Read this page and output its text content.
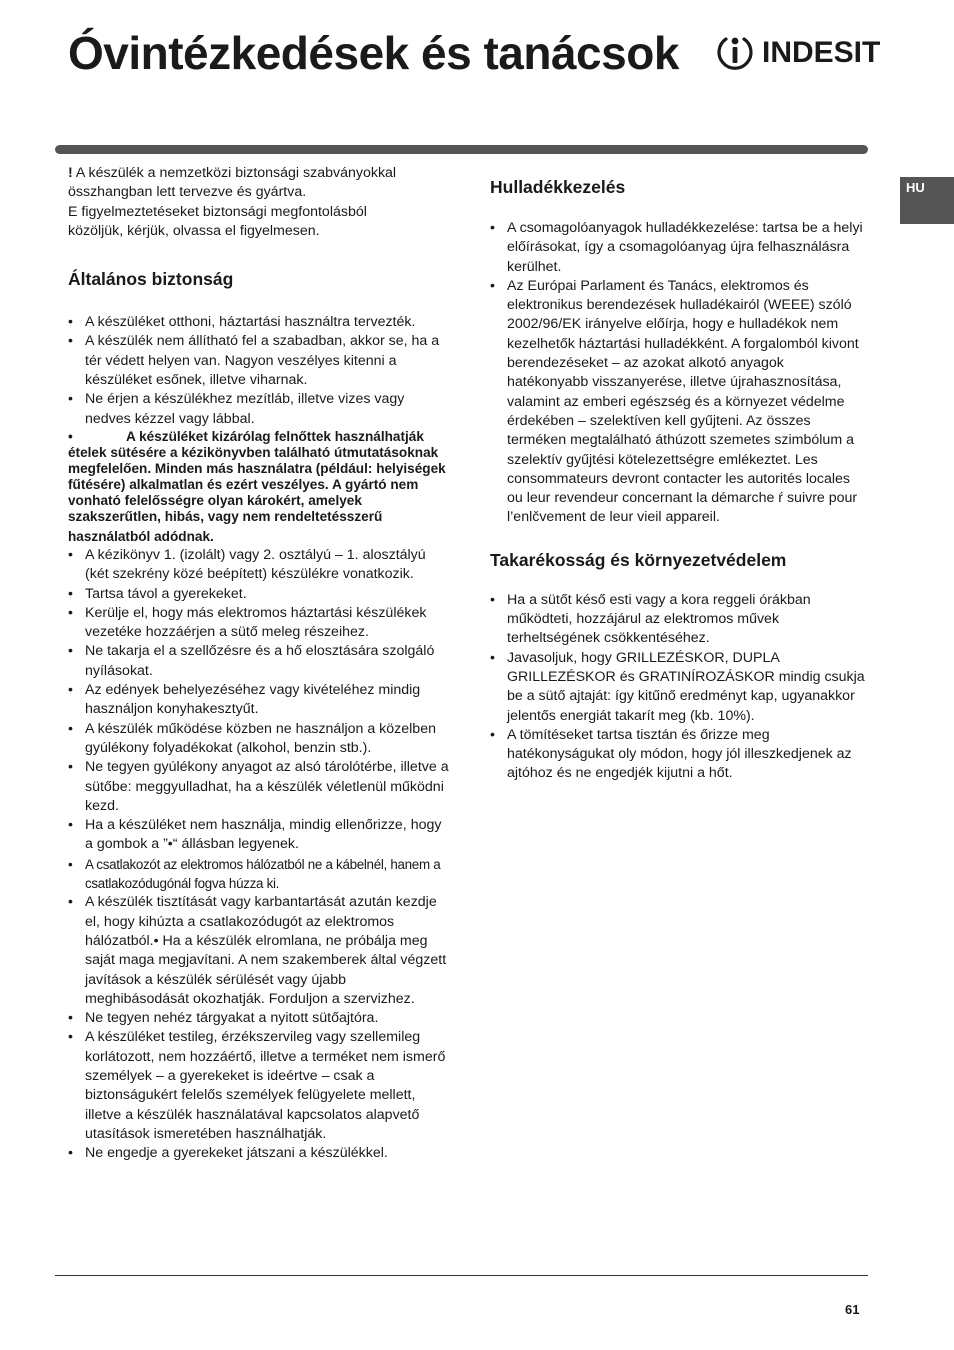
Óvintézkedések és tanácsok	INDESIT
HU

! A készülék a nemzetközi biztonsági szabványokkal

összhangban lett tervezve és gyártva.

E figyelmeztetéseket biztonsági megfontolásból

közöljük, kérjük, olvassa el figyelmesen.

Általános biztonság
• A készüléket otthoni, háztartási használtra tervezték.
• A készülék nem állítható fel a szabadban, akkor se, ha a tér védett helyen van. Nagyon veszélyes kitenni a készüléket esőnek, illetve viharnak.
• Ne érjen a készülékhez mezítláb, illetve vizes vagy nedves kézzel vagy lábbal.

•	A készüléket kizárólag felnőttek használhatják ételek sütésére a kézikönyvben található útmutatásoknak megfelelően. Minden más használatra (például: helyiségek fűtésére) alkalmatlan és ezért veszélyes. A gyártó nem vonható felelősségre olyan károkért, amelyek szakszerűtlen, hibás, vagy nem rendeltetésszerű

használatból adódnak.

• A kézikönyv 1. (izolált) vagy 2. osztályú – 1. alosztályú (két szekrény közé beépített) készülékre vonatkozik.
• Tartsa távol a gyerekeket.
• Kerülje el, hogy más elektromos háztartási készülékek vezetéke hozzáérjen a sütő meleg részeihez.
• Ne takarja el a szellőzésre és a hő elosztására szolgáló nyílásokat.
• Az edények behelyezéséhez vagy kivételéhez mindig használjon konyhakesztyűt.
• A készülék működése közben ne használjon a közelben gyúlékony folyadékokat (alkohol, benzin stb.).
• Ne tegyen gyúlékony anyagot az alsó tárolótérbe, illetve a sütőbe: meggyulladhat, ha a készülék véletlenül működni kezd.
• Ha a készüléket nem használja, mindig ellenőrizze, hogy a gombok a ”•“ állásban legyenek.
• A csatlakozót az elektromos hálózatból ne a kábelnél, hanem a csatlakozódugónál fogva húzza ki.
• A készülék tisztítását vagy karbantartását azután kezdje el, hogy kihúzta a csatlakozódugót az elektromos hálózatból.• Ha a készülék elromlana, ne próbálja meg saját maga megjavítani. A nem szakemberek által végzett javítások a készülék sérülését vagy újabb meghibásodását okozhatják. Forduljon a szervizhez.
• Ne tegyen nehéz tárgyakat a nyitott sütőajtóra.
• A készüléket testileg, érzékszervileg vagy szellemileg korlátozott, nem hozzáértő, illetve a terméket nem ismerő személyek – a gyerekeket is ideértve – csak a biztonságukért felelős személyek felügyelete mellett, illetve a készülék használatával kapcsolatos alapvető utasítások ismeretében használhatják.
• Ne engedje a gyerekeket játszani a készülékkel.
Hulladékkezelés
• A csomagolóanyagok hulladékkezelése: tartsa be a helyi előírásokat, így a csomagolóanyag újra felhasználásra kerülhet.
• Az Európai Parlament és Tanács, elektromos és elektronikus berendezések hulladékairól (WEEE) szóló 2002/96/EK irányelve előírja, hogy e hulladékok nem kezelhetők háztartási hulladékként. A forgalomból kivont berendezéseket – az azokat alkotó anyagok hatékonyabb visszanyerése, illetve újrahasznosítása, valamint az emberi egészség és a környezet védelme érdekében – szelektíven kell gyűjteni. Az összes terméken megtalálható áthúzott szemetes szimbólum a szelektív gyűjtési kötelezettségre emlékeztet. Les consommateurs devront contacter les autorités locales ou leur revendeur concernant la démarche ŕ suivre pour l’enlčvement de leur vieil appareil.
Takarékosság és környezetvédelem
• Ha a sütőt késő esti vagy a kora reggeli órákban működteti, hozzájárul az elektromos művek terheltségének csökkentéséhez.
• Javasoljuk, hogy GRILLEZÉSKOR, DUPLA GRILLEZÉSKOR és GRATINÍROZÁSKOR mindig csukja be a sütő ajtaját: így kitűnő eredményt kap, ugyanakkor jelentős energiát takarít meg (kb. 10%).
• A tömítéseket tartsa tisztán és őrizze meg hatékonyságukat oly módon, hogy jól illeszkedjenek az ajtóhoz és ne engedjék kijutni a hőt.
61
